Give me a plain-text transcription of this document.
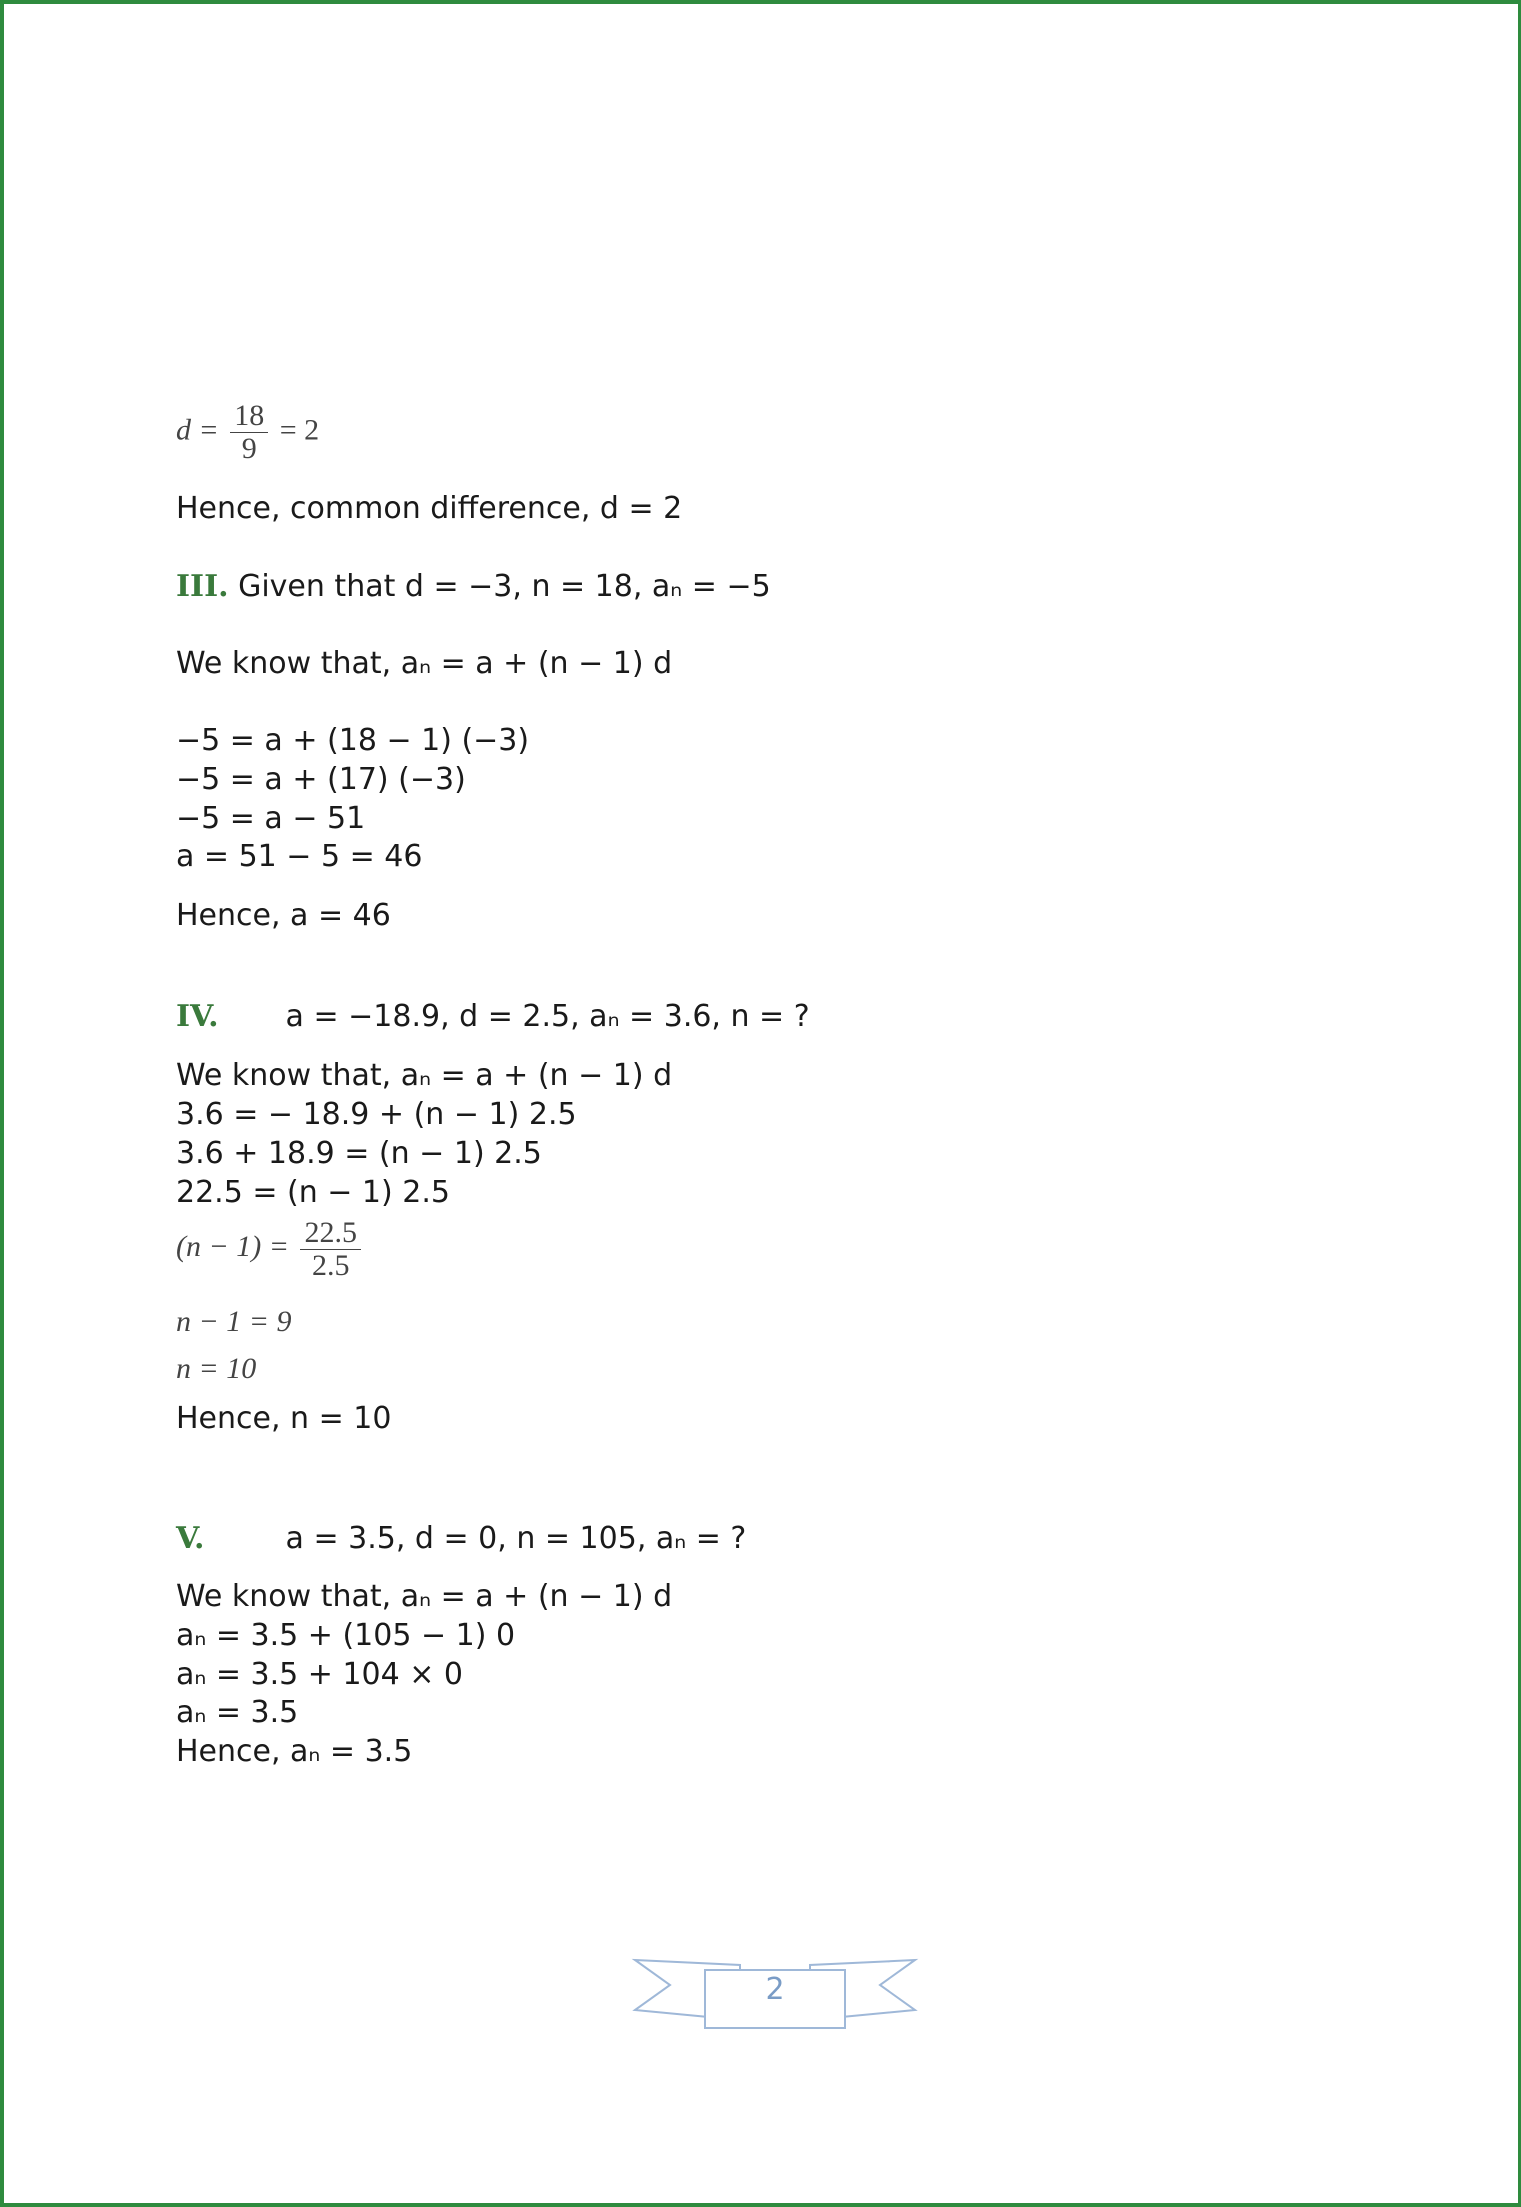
$d = \frac{18}{9} = 2$
Hence, common difference, d = 2
III. Given that d = −3, n = 18, aₙ = −5
We know that, aₙ = a + (n − 1) d
−5 = a + (18 − 1) (−3)
−5 = a + (17) (−3)
−5 = a − 51
a = 51 − 5 = 46
Hence, a = 46
IV. a = −18.9, d = 2.5, aₙ = 3.6, n = ?
We know that, aₙ = a + (n − 1) d
3.6 = − 18.9 + (n − 1) 2.5
3.6 + 18.9 = (n − 1) 2.5
22.5 = (n − 1) 2.5
$(n - 1) = \frac{22.5}{2.5}$
n − 1 = 9
n = 10
Hence, n = 10
V.	a = 3.5, d = 0, n = 105, aₙ = ?
We know that, aₙ = a + (n − 1) d
aₙ = 3.5 + (105 − 1) 0
aₙ = 3.5 + 104 × 0
aₙ = 3.5
Hence, aₙ = 3.5
2
